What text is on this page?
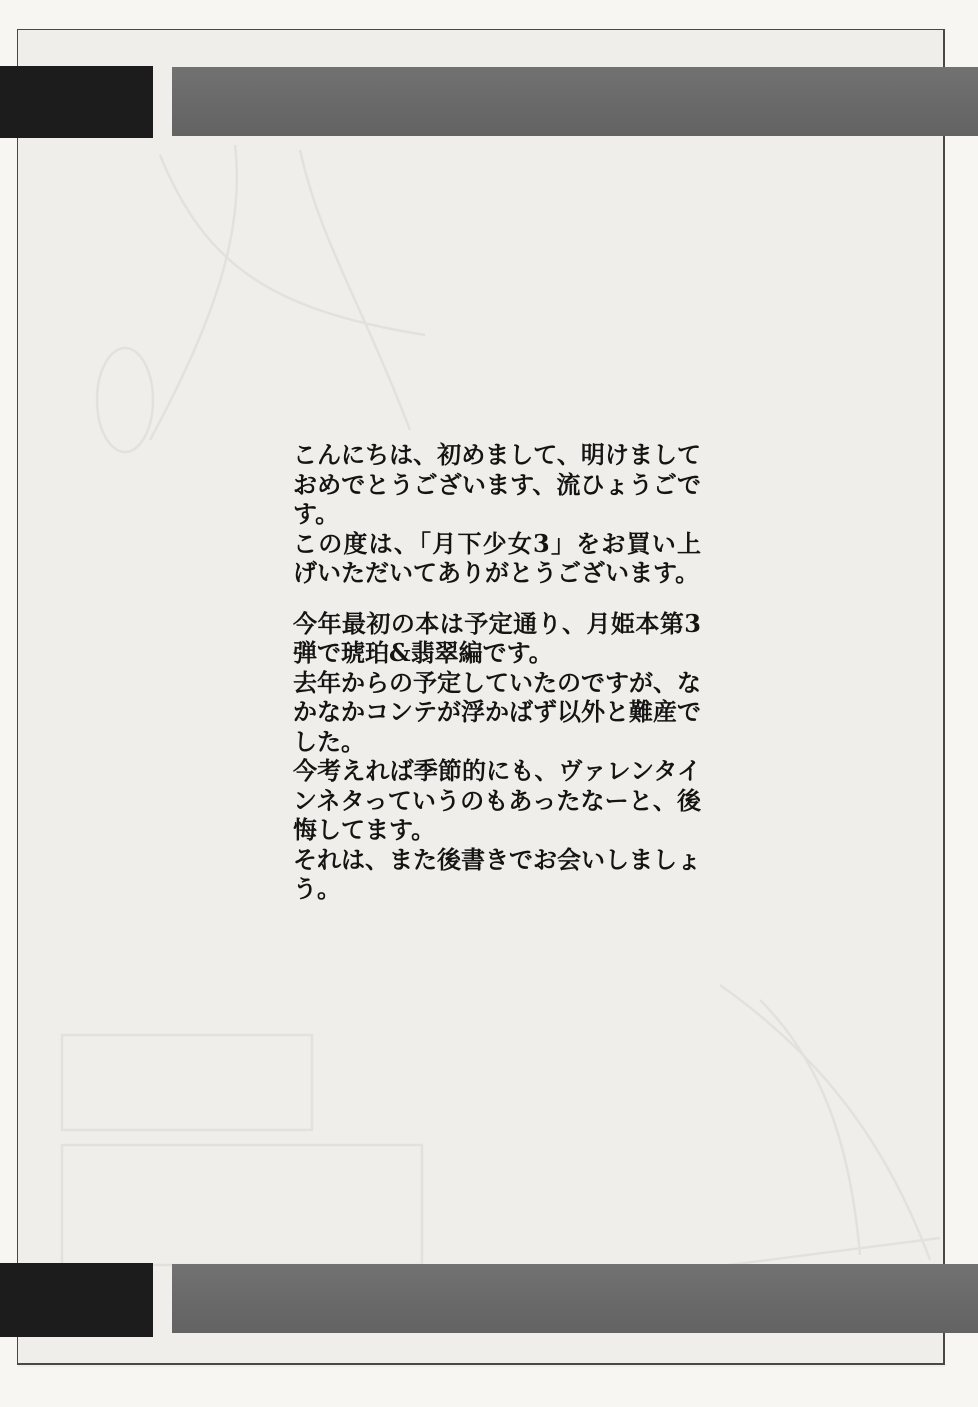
こんにちは、初めまして、明けましておめでとうございます、流ひょうごです。

この度は、「月下少女3」をお買い上げいただいてありがとうございます。

今年最初の本は予定通り、月姫本第3弾で琥珀&翡翠編です。

去年からの予定していたのですが、なかなかコンテが浮かばず以外と難産でした。

今考えれば季節的にも、ヴァレンタインネタっていうのもあったなーと、後悔してます。

それは、また後書きでお会いしましょう。
